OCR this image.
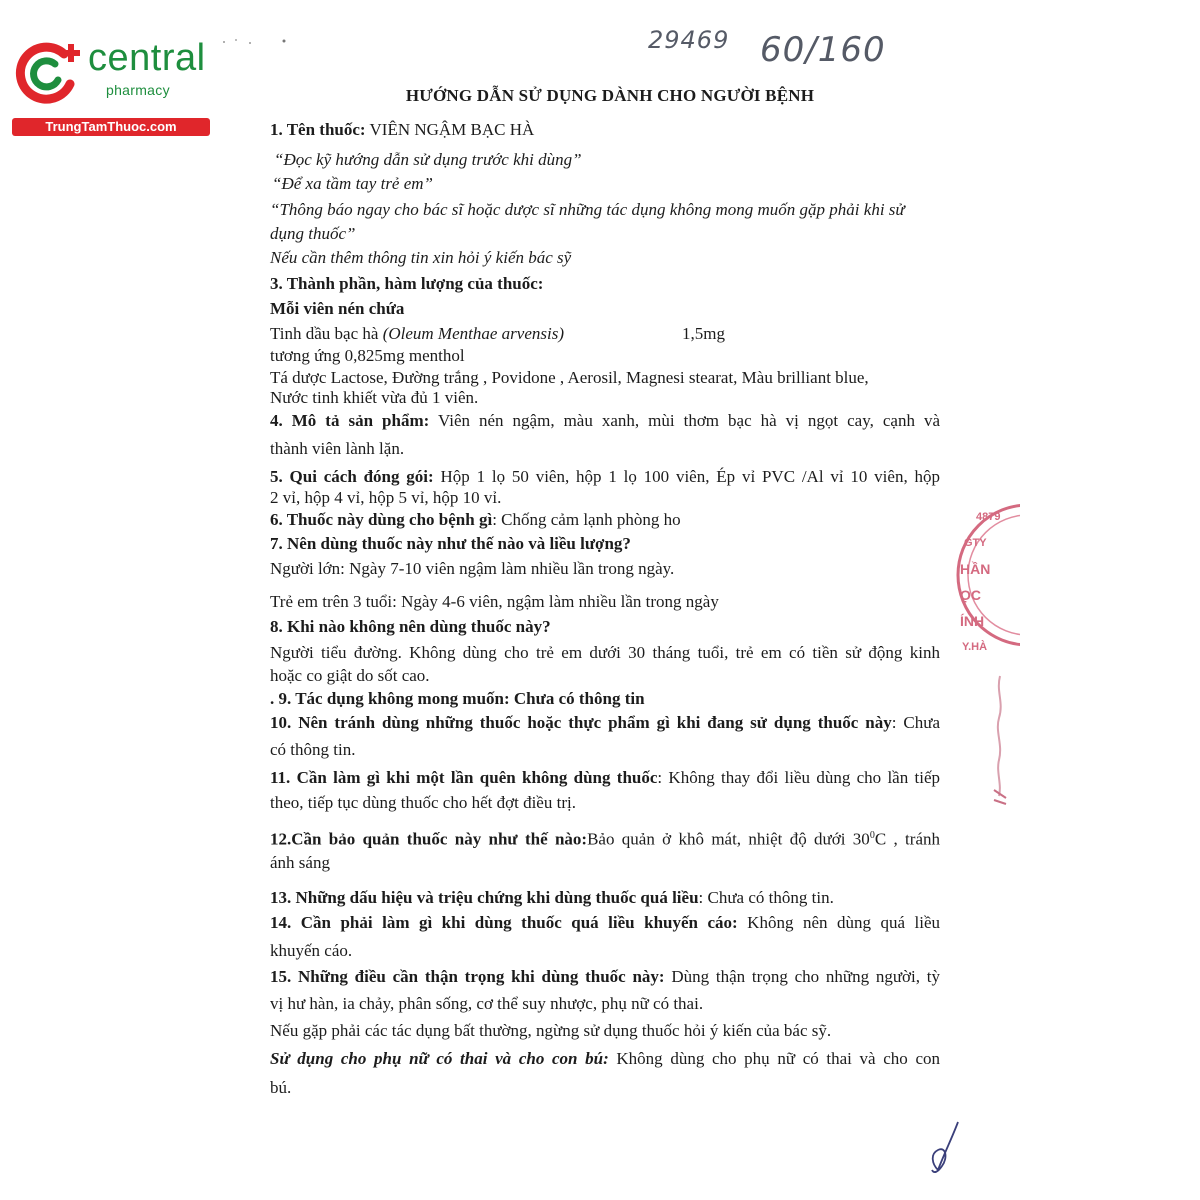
central
pharmacy
TrungTamThuoc.com
29469 60/160
HƯỚNG DẪN SỬ DỤNG DÀNH CHO NGƯỜI BỆNH
1. Tên thuốc: VIÊN NGẬM BẠC HÀ
“Đọc kỹ hướng dẫn sử dụng trước khi dùng”
“Để xa tầm tay trẻ em”
“Thông báo ngay cho bác sĩ hoặc dược sĩ những tác dụng không mong muốn gặp phải khi sử
dụng thuốc”
Nếu cần thêm thông tin xin hỏi ý kiến bác sỹ
3. Thành phần, hàm lượng của thuốc:
Mỗi viên nén chứa
Tinh dầu bạc hà (Oleum Menthae arvensis)	1,5mg
tương ứng 0,825mg menthol
Tá dược Lactose, Đường trắng , Povidone , Aerosil, Magnesi stearat, Màu brilliant blue,
Nước tinh khiết vừa đủ 1 viên.
4. Mô tả sản phẩm: Viên nén ngậm, màu xanh, mùi thơm bạc hà vị ngọt cay, cạnh và
thành viên lành lặn.
5. Qui cách đóng gói: Hộp 1 lọ 50 viên, hộp 1 lọ 100 viên, Ép vỉ PVC /Al vỉ 10 viên, hộp
2 vỉ, hộp 4 vỉ, hộp 5 vỉ, hộp 10 vỉ.
6. Thuốc này dùng cho bệnh gì: Chống cảm lạnh phòng ho
7. Nên dùng thuốc này như thế nào và liều lượng?
Người lớn: Ngày 7-10 viên ngậm làm nhiều lần trong ngày.
Trẻ em trên 3 tuổi: Ngày 4-6 viên, ngậm làm nhiều lần trong ngày
8. Khi nào không nên dùng thuốc này?
Người tiểu đường. Không dùng cho trẻ em dưới 30 tháng tuổi, trẻ em có tiền sử động kinh
hoặc co giật do sốt cao.
. 9. Tác dụng không mong muốn: Chưa có thông tin
10. Nên tránh dùng những thuốc hoặc thực phẩm gì khi đang sử dụng thuốc này: Chưa
có thông tin.
11. Cần làm gì khi một lần quên không dùng thuốc: Không thay đổi liều dùng cho lần tiếp
theo, tiếp tục dùng thuốc cho hết đợt điều trị.
12.Cần bảo quản thuốc này như thế nào:Bảo quản ở khô mát, nhiệt độ dưới $30^0C$ , tránh
ánh sáng
13. Những dấu hiệu và triệu chứng khi dùng thuốc quá liều: Chưa có thông tin.
14. Cần phải làm gì khi dùng thuốc quá liều khuyến cáo: Không nên dùng quá liều
khuyến cáo.
15. Những điều cần thận trọng khi dùng thuốc này: Dùng thận trọng cho những người, tỳ
vị hư hàn, ia chảy, phân sống, cơ thể suy nhược, phụ nữ có thai.
Nếu gặp phải các tác dụng bất thường, ngừng sử dụng thuốc hỏi ý kiến của bác sỹ.
Sử dụng cho phụ nữ có thai và cho con bú: Không dùng cho phụ nữ có thai và cho con
bú.
4879
GTY
HẦN
ỌC
ÍNH
Y.HÀ
